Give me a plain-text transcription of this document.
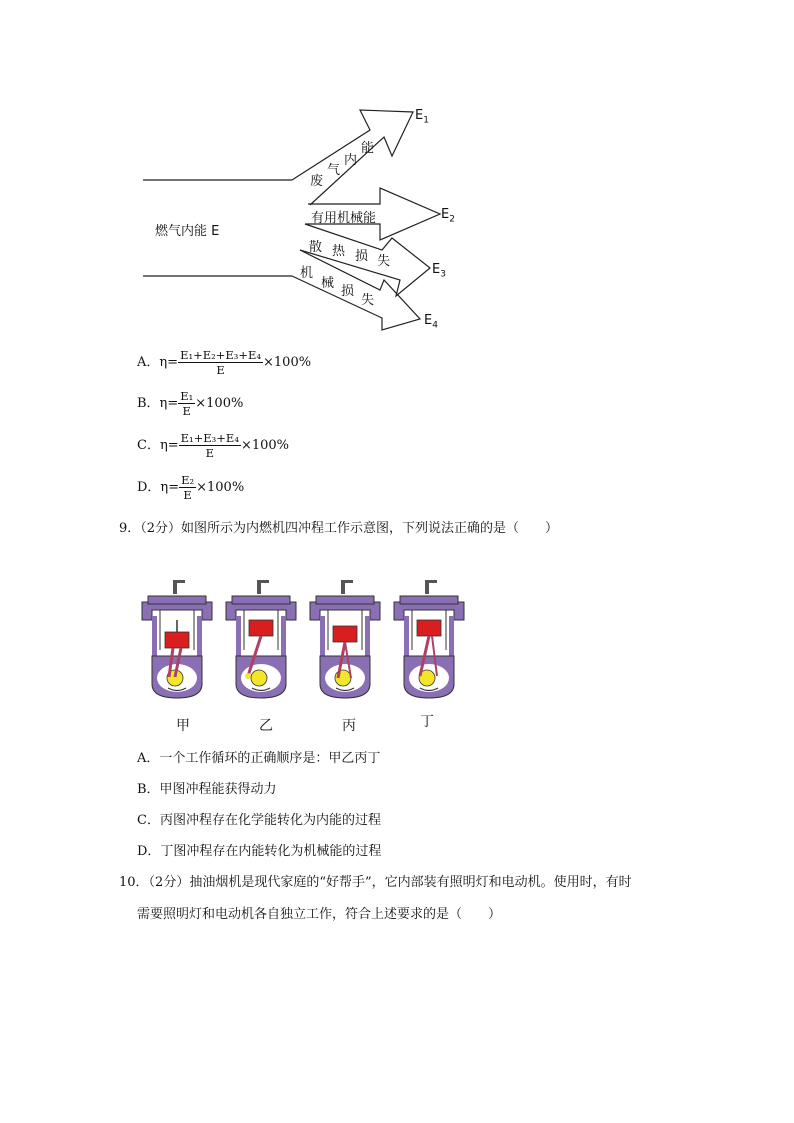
燃气内能 E
废
气
内
能
有用机械能
散 热 损 失
机
械
损
失
$E_1$
$E_2$
$E_3$
$E_4$
A．$\eta= \frac{\text{E₁+E₂+E₃+E₄}}{E} \times 100\%$
B．$\eta= \frac{\text{E₁}}{E} \times 100\%$
C．$\eta= \frac{\text{E₁+E₃+E₄}}{E} \times 100\%$
D．$\eta= \frac{\text{E₂}}{E} \times 100\%$
9．（2分）如图所示为内燃机四冲程工作示意图，下列说法正确的是（　　）
甲	乙	丙	丁
A．一个工作循环的正确顺序是：甲乙丙丁
B．甲图冲程能获得动力
C．丙图冲程存在化学能转化为内能的过程
D．丁图冲程存在内能转化为机械能的过程
10．（2分）抽油烟机是现代家庭的“好帮手”，它内部装有照明灯和电动机。使用时，有时
需要照明灯和电动机各自独立工作，符合上述要求的是（　　）
